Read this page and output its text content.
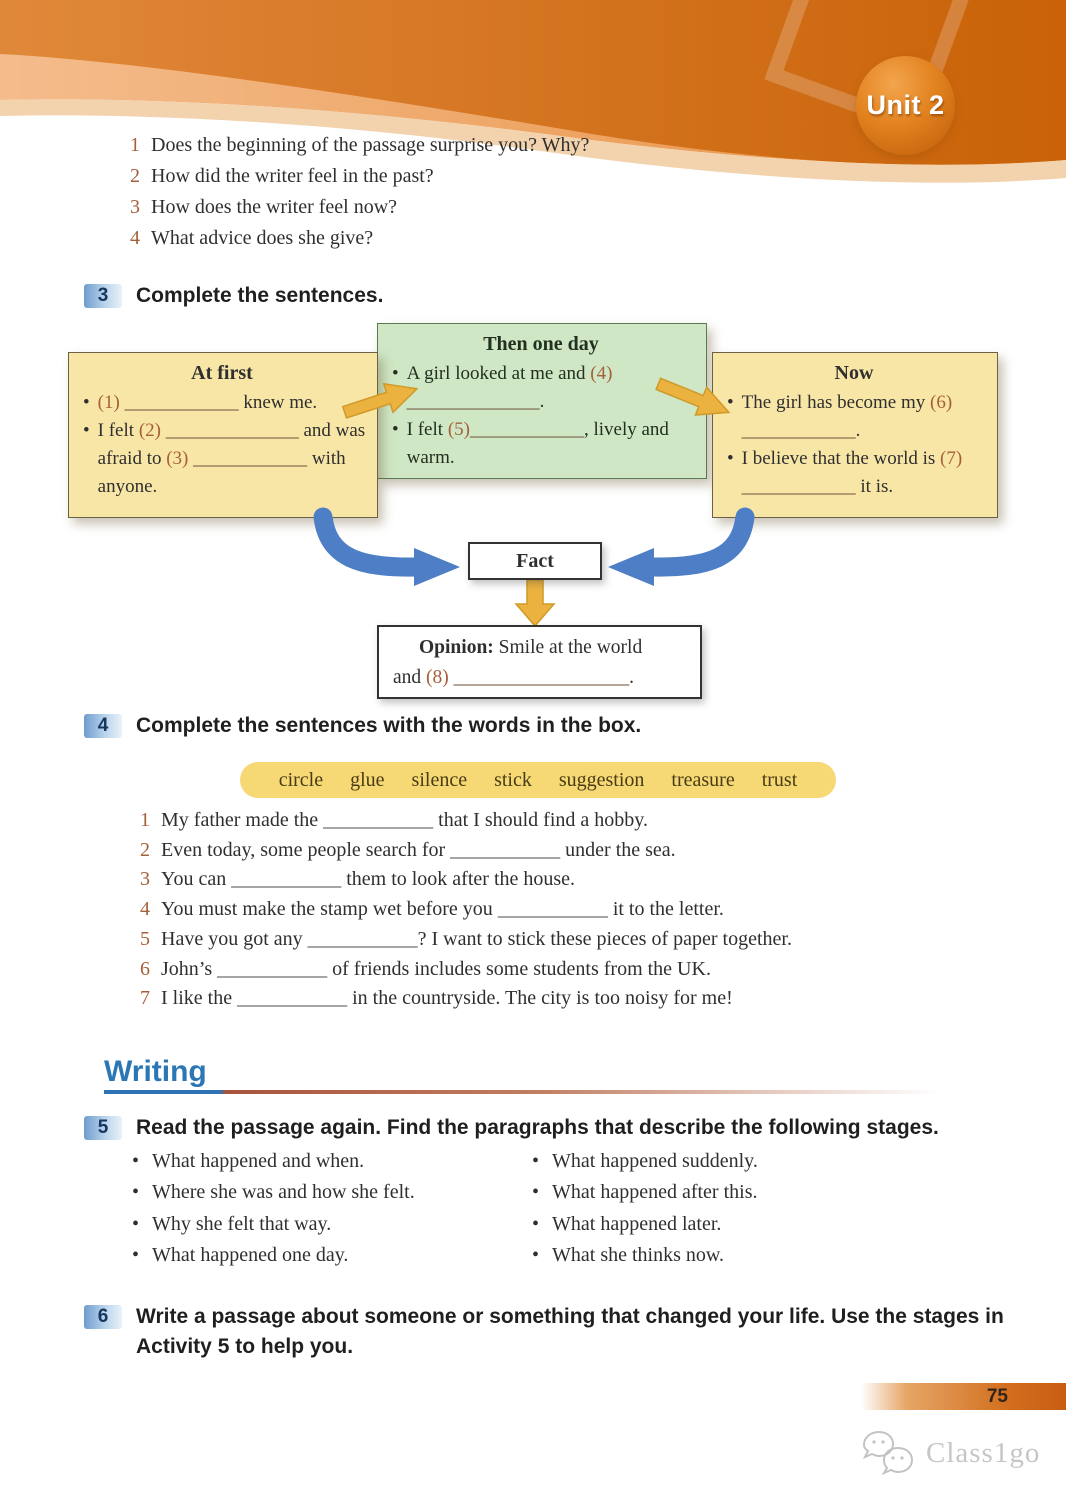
Unit 2
1 Does the beginning of the passage surprise you? Why?
2 How did the writer feel in the past?
3 How does the writer feel now?
4 What advice does she give?
3	Complete the sentences.
Then one day
• A girl looked at me and (4) ______________.
• I felt (5)____________, lively and warm.
At first
• (1) ____________ knew me.
• I felt (2) ______________ and was afraid to (3) ____________ with anyone.
Now
• The girl has become my (6) ____________.
• I believe that the world is (7) ____________ it is.
Fact
Opinion: Smile at the world
and (8) __________________.
4	Complete the sentences with the words in the box.
circle glue silence stick suggestion treasure trust
1 My father made the ___________ that I should find a hobby.
2 Even today, some people search for ___________ under the sea.
3 You can ___________ them to look after the house.
4 You must make the stamp wet before you ___________ it to the letter.
5 Have you got any ___________? I want to stick these pieces of paper together.
6 John’s ___________ of friends includes some students from the UK.
7 I like the ___________ in the countryside. The city is too noisy for me!
Writing
5	Read the passage again. Find the paragraphs that describe the following stages.
• What happened and when.
• Where she was and how she felt.
• Why she felt that way.
• What happened one day.
• What happened suddenly.
• What happened after this.
• What happened later.
• What she thinks now.
6	Write a passage about someone or something that changed your life. Use the stages in Activity 5 to help you.
75
Class1go
